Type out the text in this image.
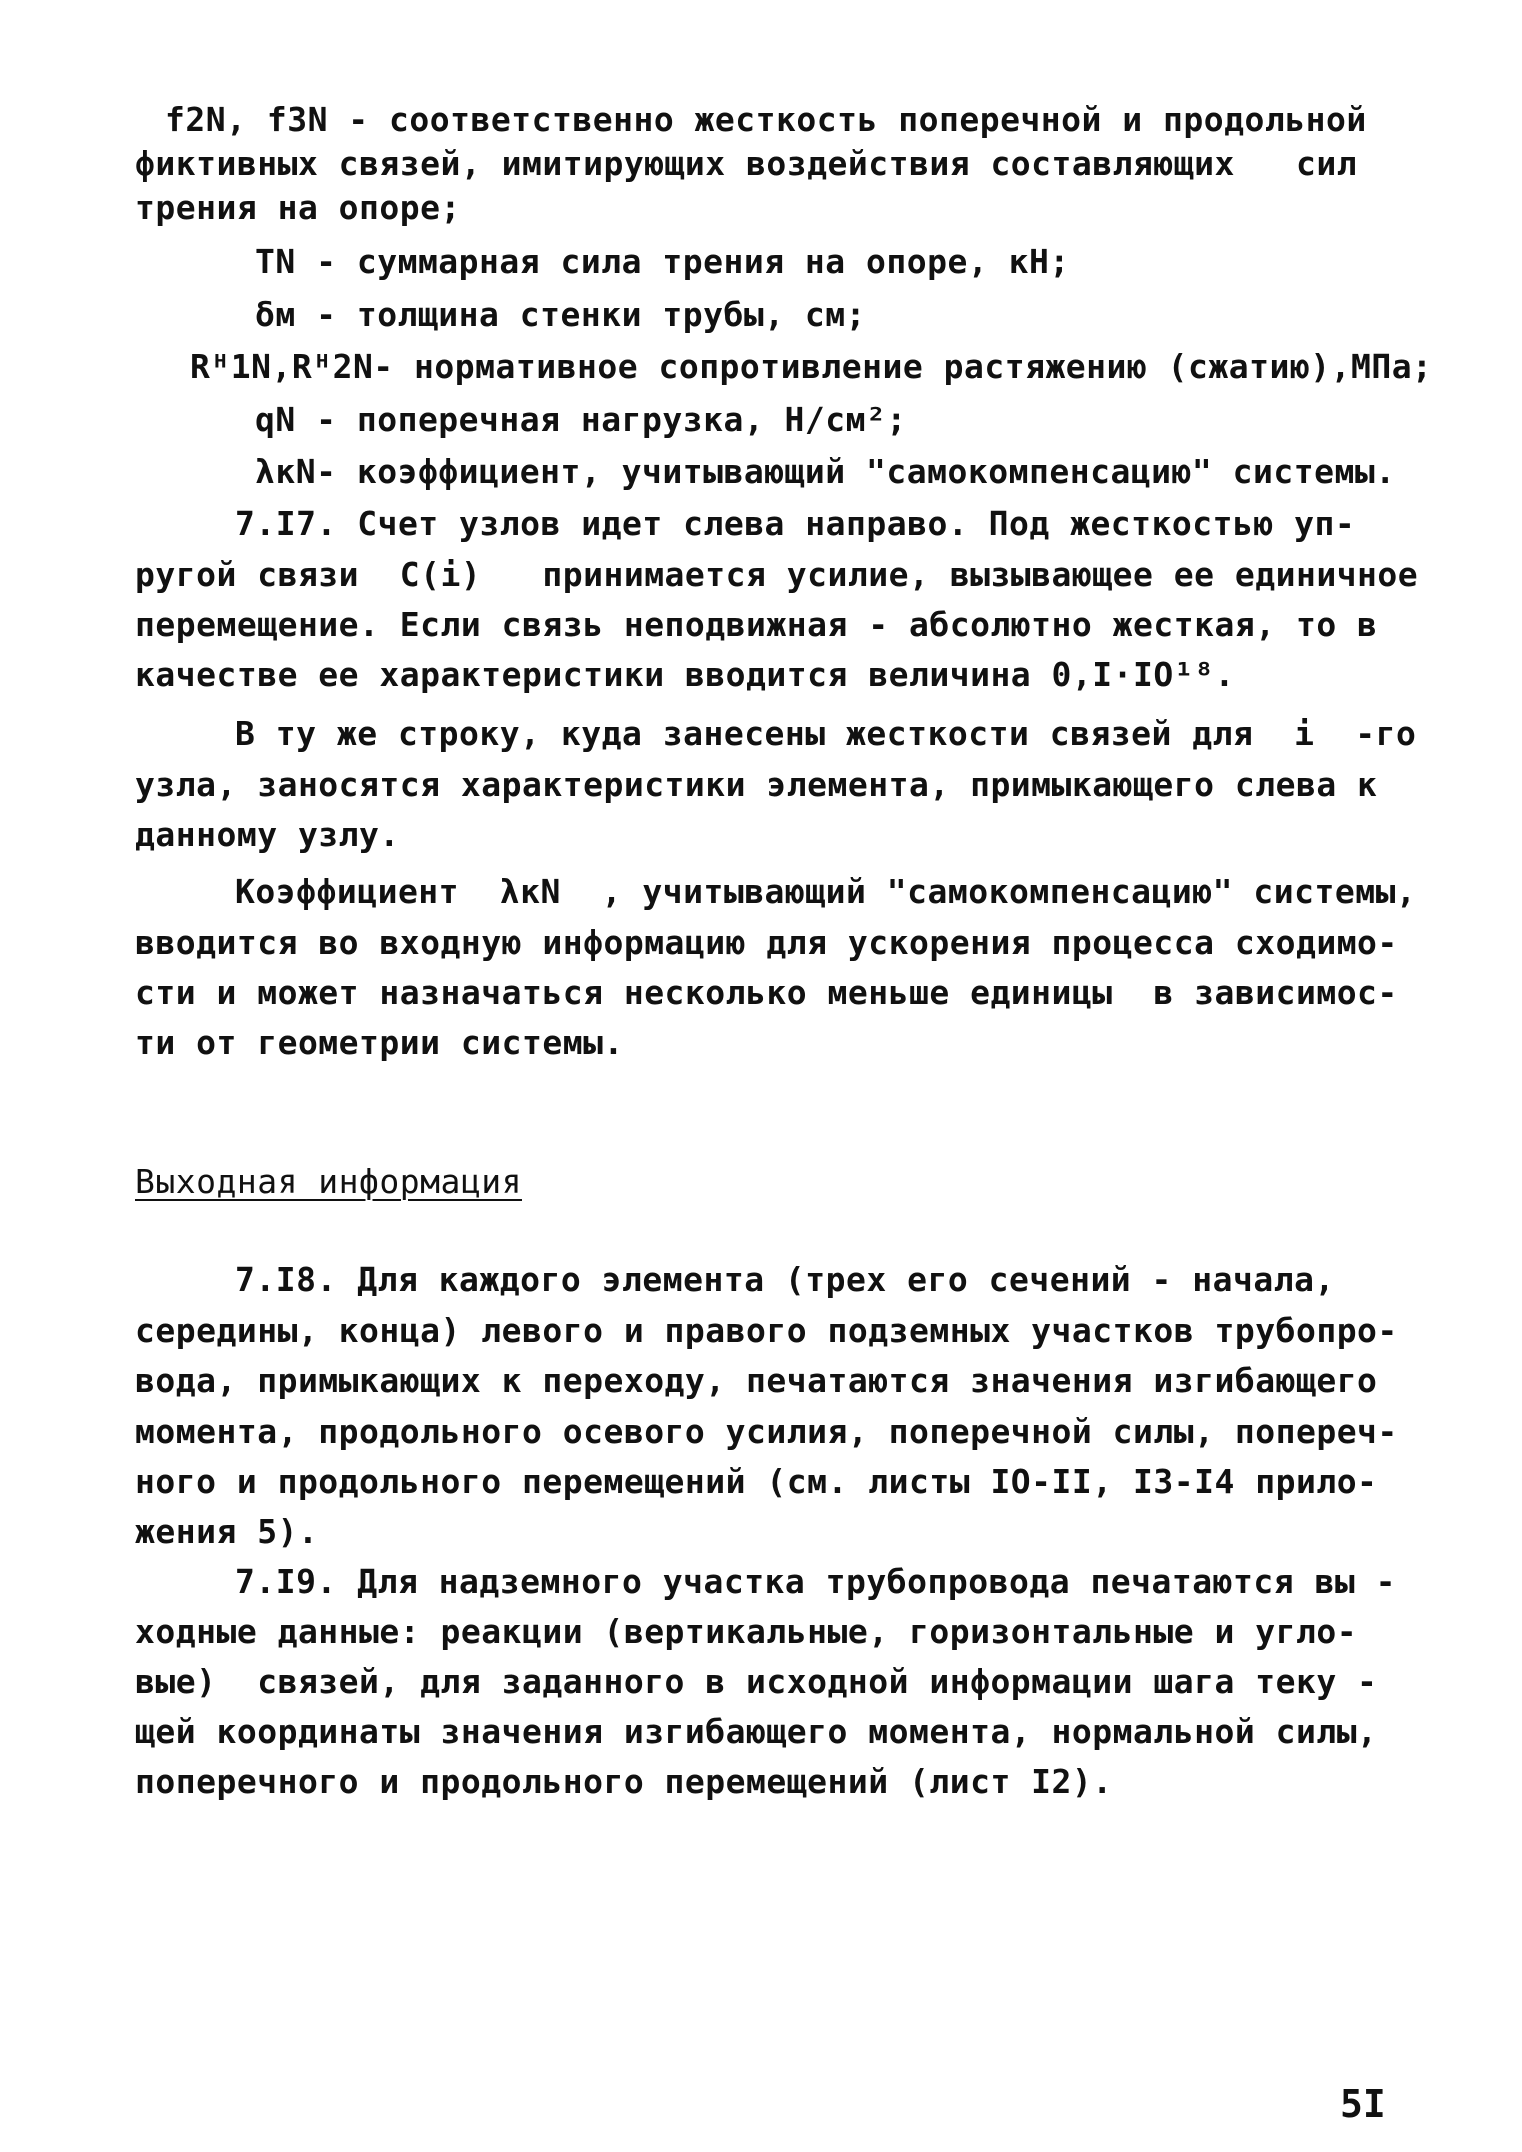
f2N, f3N - соответственно жесткость поперечной и продольной
фиктивных связей, имитирующих воздействия составляющих   сил
трения на опоре;
TN - суммарная сила трения на опоре, кН;
δм - толщина стенки трубы, см;
Rᴴ1N,Rᴴ2N- нормативное сопротивление растяжению (сжатию),МПа;
qN - поперечная нагрузка, Н/см²;
λкN- коэффициент, учитывающий "самокомпенсацию" системы.
7.I7. Счет узлов идет слева направо. Под жесткостью уп-
ругой связи  C(i)   принимается усилие, вызывающее ее единичное
перемещение. Если связь неподвижная - абсолютно жесткая, то в
качестве ее характеристики вводится величина 0,I·IO¹⁸.
В ту же строку, куда занесены жесткости связей для  i  -го
узла, заносятся характеристики элемента, примыкающего слева к
данному узлу.
Коэффициент  λкN  , учитывающий "самокомпенсацию" системы,
вводится во входную информацию для ускорения процесса сходимо-
сти и может назначаться несколько меньше единицы  в зависимос-
ти от геометрии системы.
Выходная информация
7.I8. Для каждого элемента (трех его сечений - начала,
середины, конца) левого и правого подземных участков трубопро-
вода, примыкающих к переходу, печатаются значения изгибающего
момента, продольного осевого усилия, поперечной силы, попереч-
ного и продольного перемещений (см. листы IO-II, I3-I4 прило-
жения 5).
7.I9. Для надземного участка трубопровода печатаются вы -
ходные данные: реакции (вертикальные, горизонтальные и угло-
вые)  связей, для заданного в исходной информации шага теку -
щей координаты значения изгибающего момента, нормальной силы,
поперечного и продольного перемещений (лист I2).
5I
